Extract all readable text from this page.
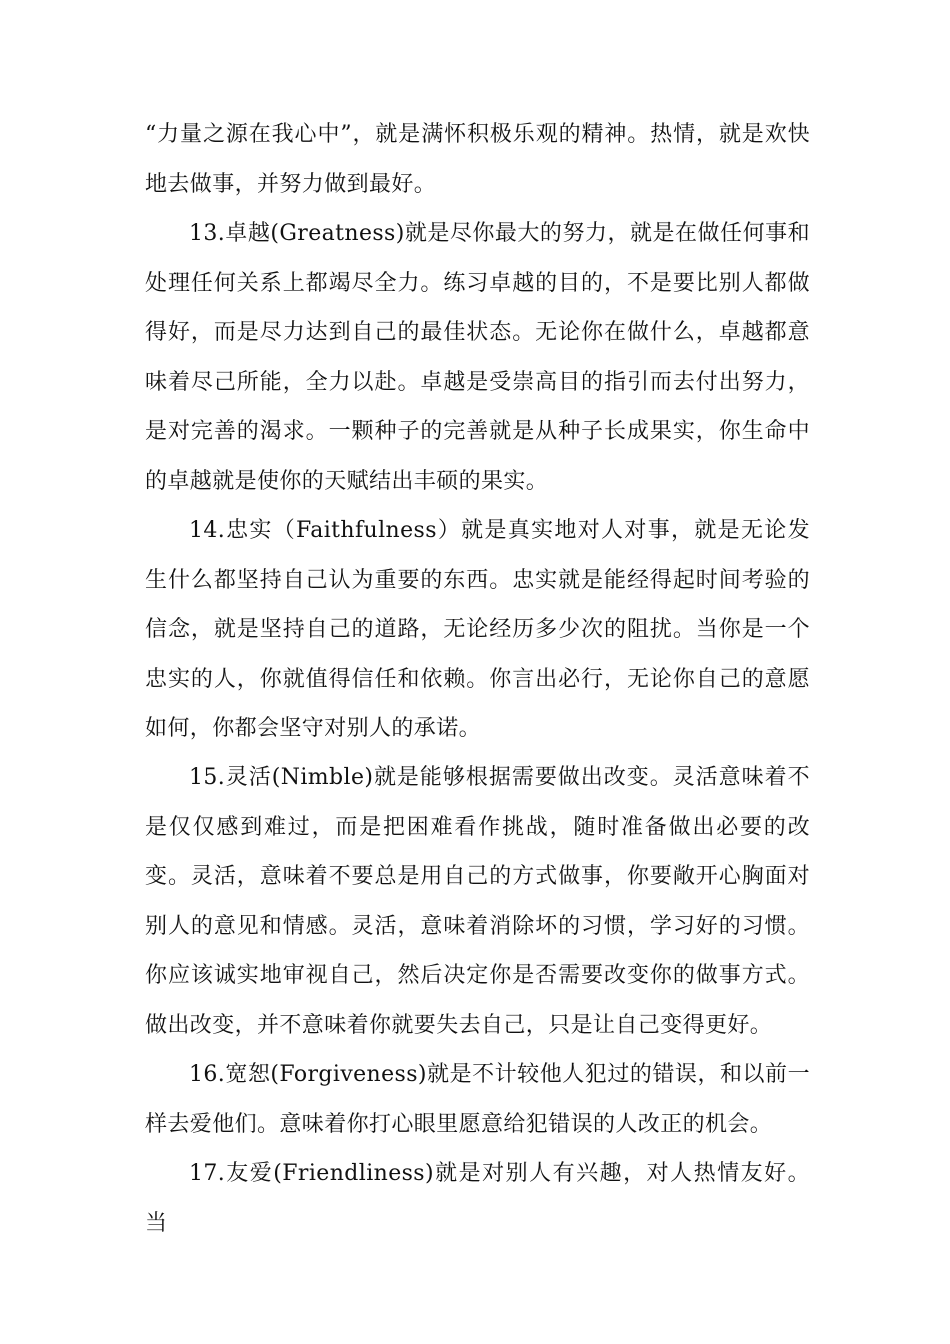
“力量之源在我心中”，就是满怀积极乐观的精神。热情，就是欢快地去做事，并努力做到最好。

13.卓越(Greatness)就是尽你最大的努力，就是在做任何事和处理任何关系上都竭尽全力。练习卓越的目的，不是要比别人都做得好，而是尽力达到自己的最佳状态。无论你在做什么，卓越都意味着尽己所能，全力以赴。卓越是受崇高目的指引而去付出努力，是对完善的渴求。一颗种子的完善就是从种子长成果实，你生命中的卓越就是使你的天赋结出丰硕的果实。

14.忠实（Faithfulness）就是真实地对人对事，就是无论发生什么都坚持自己认为重要的东西。忠实就是能经得起时间考验的信念，就是坚持自己的道路，无论经历多少次的阻扰。当你是一个忠实的人，你就值得信任和依赖。你言出必行，无论你自己的意愿如何，你都会坚守对别人的承诺。

15.灵活(Nimble)就是能够根据需要做出改变。灵活意味着不是仅仅感到难过，而是把困难看作挑战，随时准备做出必要的改变。灵活，意味着不要总是用自己的方式做事，你要敞开心胸面对别人的意见和情感。灵活，意味着消除坏的习惯，学习好的习惯。你应该诚实地审视自己，然后决定你是否需要改变你的做事方式。做出改变，并不意味着你就要失去自己，只是让自己变得更好。

16.宽恕(Forgiveness)就是不计较他人犯过的错误，和以前一样去爱他们。意味着你打心眼里愿意给犯错误的人改正的机会。

17.友爱(Friendliness)就是对别人有兴趣，对人热情友好。当
